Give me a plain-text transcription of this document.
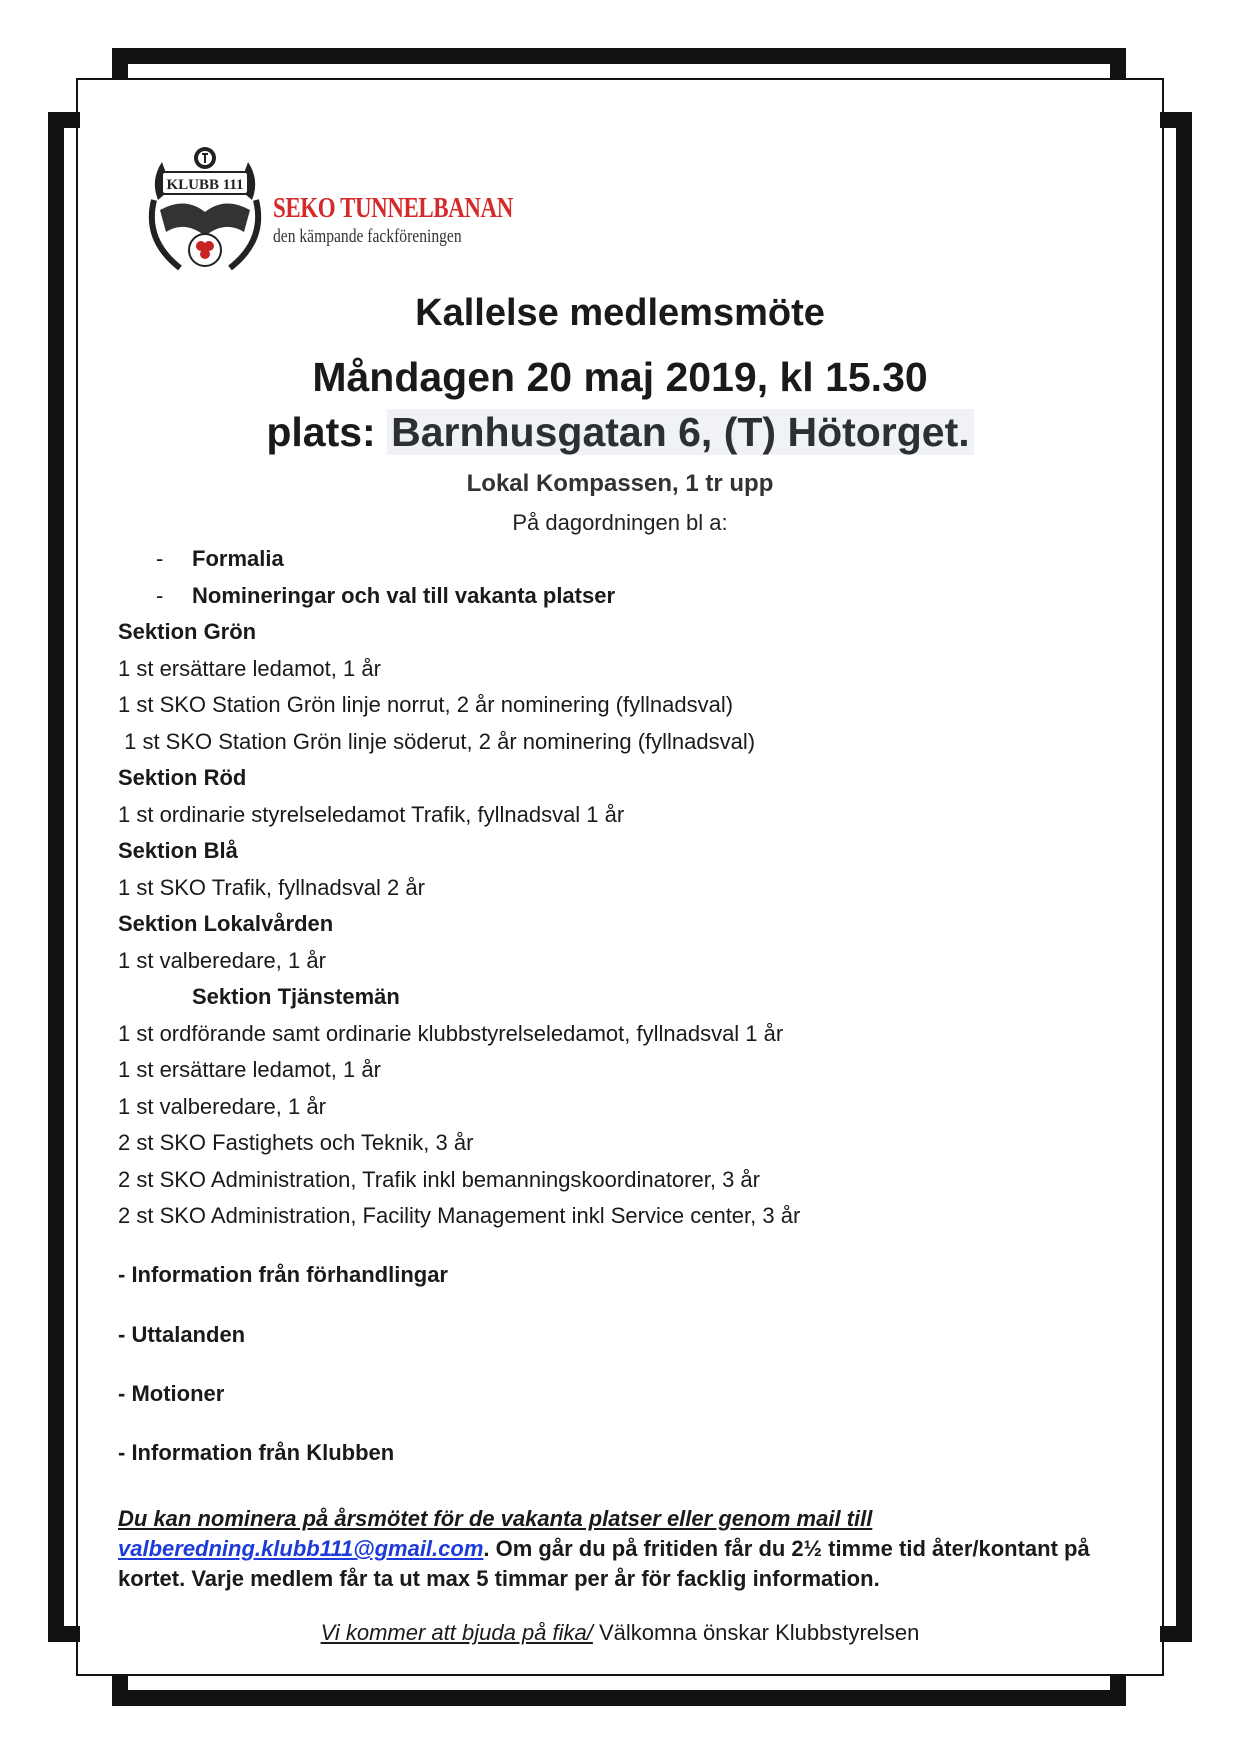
KLUBB 111
SEKO TUNNELBANAN
den kämpande fackföreningen
Kallelse medlemsmöte
Måndagen 20 maj 2019, kl 15.30
plats: Barnhusgatan 6, (T) Hötorget.
Lokal Kompassen, 1 tr upp
På dagordningen bl a:
- Formalia
- Nomineringar och val till vakanta platser
Sektion Grön
1 st ersättare ledamot, 1 år
1 st SKO Station Grön linje norrut, 2 år nominering (fyllnadsval)
1 st SKO Station Grön linje söderut, 2 år nominering (fyllnadsval)
Sektion Röd
1 st ordinarie styrelseledamot Trafik, fyllnadsval 1 år
Sektion Blå
1 st SKO Trafik, fyllnadsval 2 år
Sektion Lokalvården
1 st valberedare, 1 år
Sektion Tjänstemän
1 st ordförande samt ordinarie klubbstyrelseledamot, fyllnadsval 1 år
1 st ersättare ledamot, 1 år
1 st valberedare, 1 år
2 st SKO Fastighets och Teknik, 3 år
2 st SKO Administration, Trafik inkl bemanningskoordinatorer, 3 år
2 st SKO Administration, Facility Management inkl Service center, 3 år
- Information från förhandlingar
- Uttalanden
- Motioner
- Information från Klubben
Du kan nominera på årsmötet för de vakanta platser eller genom mail till
valberedning.klubb111@gmail.com. Om går du på fritiden får du 2½ timme tid åter/kontant på kortet. Varje medlem får ta ut max 5 timmar per år för facklig information.
Vi kommer att bjuda på fika/ Välkomna önskar Klubbstyrelsen
